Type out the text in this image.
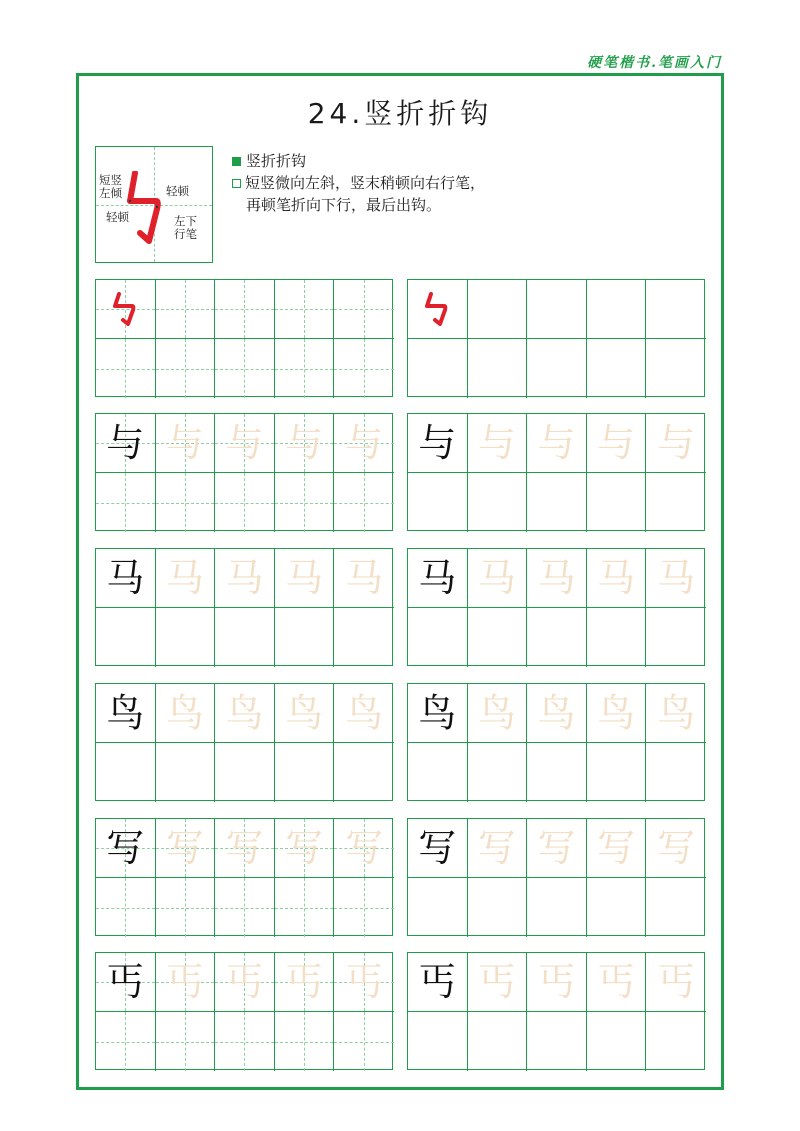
硬笔楷书.笔画入门
24.竖折折钩
短竖
左倾	轻顿
轻顿	左下
行笔
竖折折钩
短竖微向左斜，竖末稍顿向右行笔，
再顿笔折向下行，最后出钩。
与 与 与 与 与 与 与 与 与 与
马 马 马 马 马 马 马 马 马 马
鸟 鸟 鸟 鸟 鸟 鸟 鸟 鸟 鸟 鸟
写 写 写 写 写 写 写 写 写 写
丐 丐 丐 丐 丐 丐 丐 丐 丐 丐
